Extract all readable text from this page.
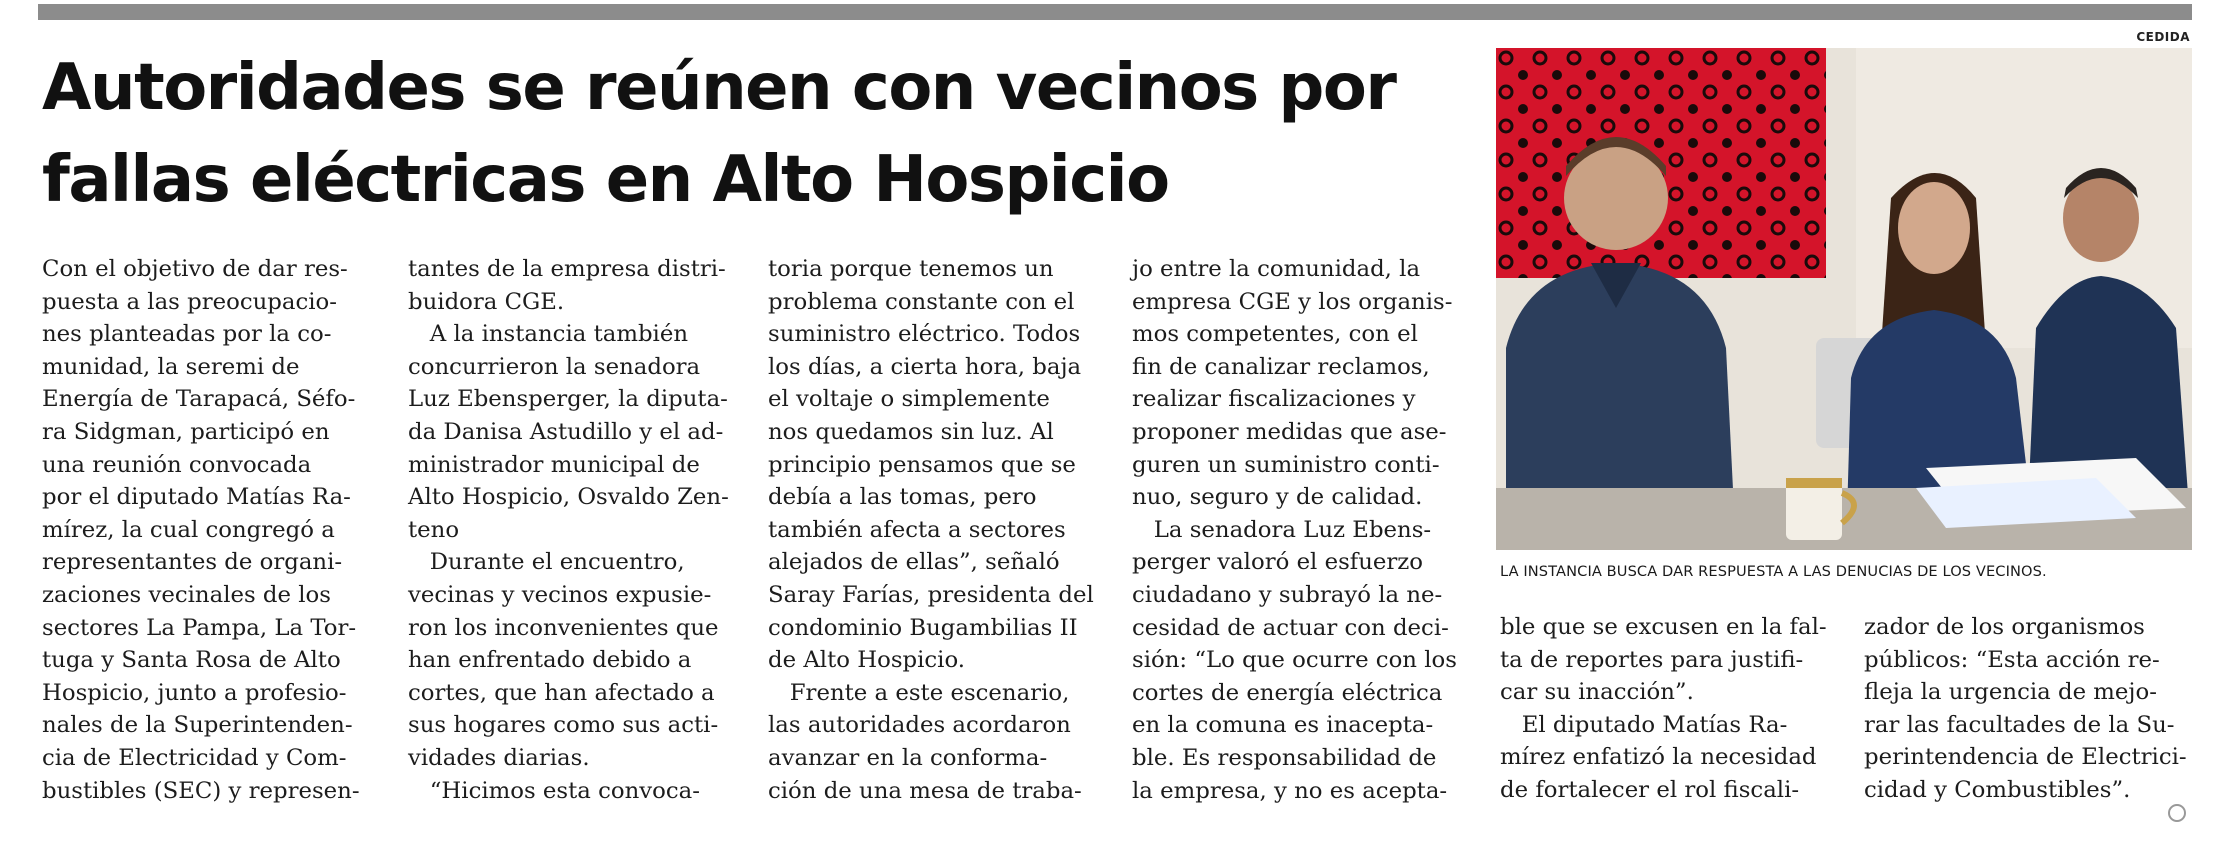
Autoridades se reúnen con vecinos por
fallas eléctricas en Alto Hospicio

Con el objetivo de dar res-

puesta a las preocupacio-

nes planteadas por la co-

munidad, la seremi de

Energía de Tarapacá, Séfo-

ra Sidgman, participó en

una reunión convocada

por el diputado Matías Ra-

mírez, la cual congregó a

representantes de organi-

zaciones vecinales de los

sectores La Pampa, La Tor-

tuga y Santa Rosa de Alto

Hospicio, junto a profesio-

nales de la Superintenden-

cia de Electricidad y Com-

bustibles (SEC) y represen-

tantes de la empresa distri-

buidora CGE.

A la instancia también

concurrieron la senadora

Luz Ebensperger, la diputa-

da Danisa Astudillo y el ad-

ministrador municipal de

Alto Hospicio, Osvaldo Zen-

teno

Durante el encuentro,

vecinas y vecinos expusie-

ron los inconvenientes que

han enfrentado debido a

cortes, que han afectado a

sus hogares como sus acti-

vidades diarias.

“Hicimos esta convoca-

toria porque tenemos un

problema constante con el

suministro eléctrico. Todos

los días, a cierta hora, baja

el voltaje o simplemente

nos quedamos sin luz. Al

principio pensamos que se

debía a las tomas, pero

también afecta a sectores

alejados de ellas”, señaló

Saray Farías, presidenta del

condominio Bugambilias II

de Alto Hospicio.

Frente a este escenario,

las autoridades acordaron

avanzar en la conforma-

ción de una mesa de traba-

jo entre la comunidad, la

empresa CGE y los organis-

mos competentes, con el

fin de canalizar reclamos,

realizar fiscalizaciones y

proponer medidas que ase-

guren un suministro conti-

nuo, seguro y de calidad.

La senadora Luz Ebens-

perger valoró el esfuerzo

ciudadano y subrayó la ne-

cesidad de actuar con deci-

sión: “Lo que ocurre con los

cortes de energía eléctrica

en la comuna es inacepta-

ble. Es responsabilidad de

la empresa, y no es acepta-

ble que se excusen en la fal-

ta de reportes para justifi-

car su inacción”.

El diputado Matías Ra-

mírez enfatizó la necesidad

de fortalecer el rol fiscali-

zador de los organismos

públicos: “Esta acción re-

fleja la urgencia de mejo-

rar las facultades de la Su-

perintendencia de Electrici-

cidad y Combustibles”.

CEDIDA
LA INSTANCIA BUSCA DAR RESPUESTA A LAS DENUCIAS DE LOS VECINOS.
